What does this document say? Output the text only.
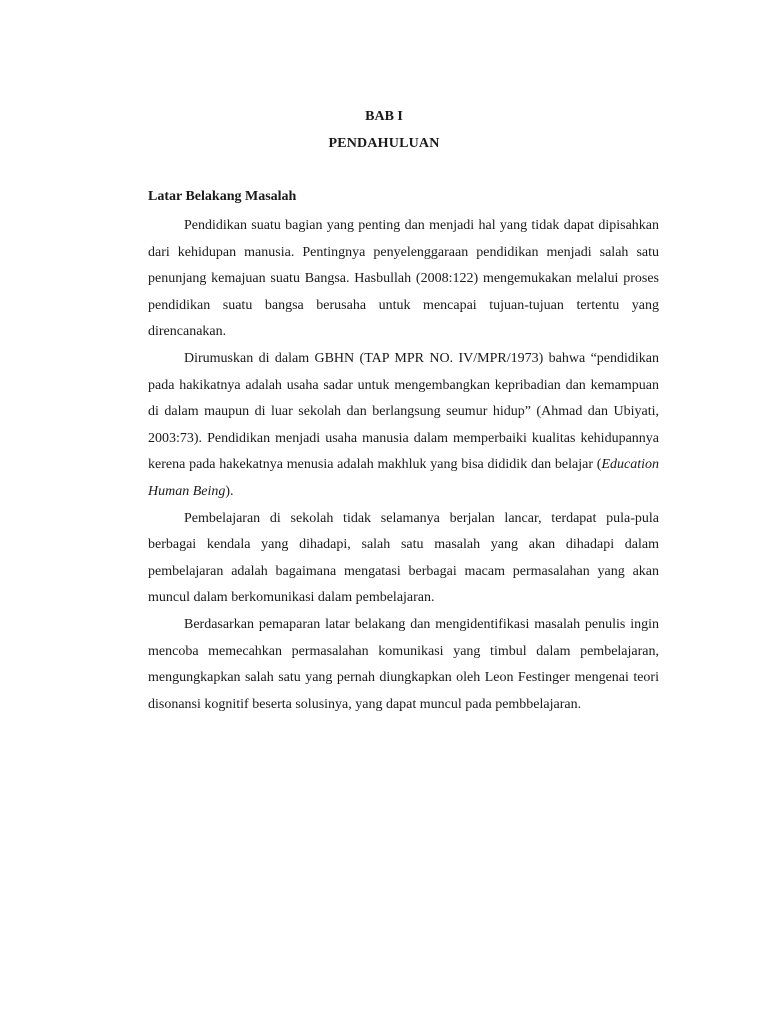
BAB I
PENDAHULUAN
Latar Belakang Masalah

Pendidikan suatu bagian yang penting dan menjadi hal yang tidak dapat dipisahkan dari kehidupan manusia. Pentingnya penyelenggaraan pendidikan menjadi salah satu penunjang kemajuan suatu Bangsa. Hasbullah (2008:122) mengemukakan melalui proses pendidikan suatu bangsa berusaha untuk mencapai tujuan-tujuan tertentu yang direncanakan.

Dirumuskan di dalam GBHN (TAP MPR NO. IV/MPR/1973) bahwa “pendidikan pada hakikatnya adalah usaha sadar untuk mengembangkan kepribadian dan kemampuan di dalam maupun di luar sekolah dan berlangsung seumur hidup” (Ahmad dan Ubiyati, 2003:73). Pendidikan menjadi usaha manusia dalam memperbaiki kualitas kehidupannya kerena pada hakekatnya menusia adalah makhluk yang bisa dididik dan belajar (Education Human Being).

Pembelajaran di sekolah tidak selamanya berjalan lancar, terdapat pula-pula berbagai kendala yang dihadapi, salah satu masalah yang akan dihadapi dalam pembelajaran adalah bagaimana mengatasi berbagai macam permasalahan yang akan muncul dalam berkomunikasi dalam pembelajaran.

Berdasarkan pemaparan latar belakang dan mengidentifikasi masalah penulis ingin mencoba memecahkan permasalahan komunikasi yang timbul dalam pembelajaran, mengungkapkan salah satu yang pernah diungkapkan oleh Leon Festinger mengenai teori disonansi kognitif beserta solusinya, yang dapat muncul pada pembbelajaran.
